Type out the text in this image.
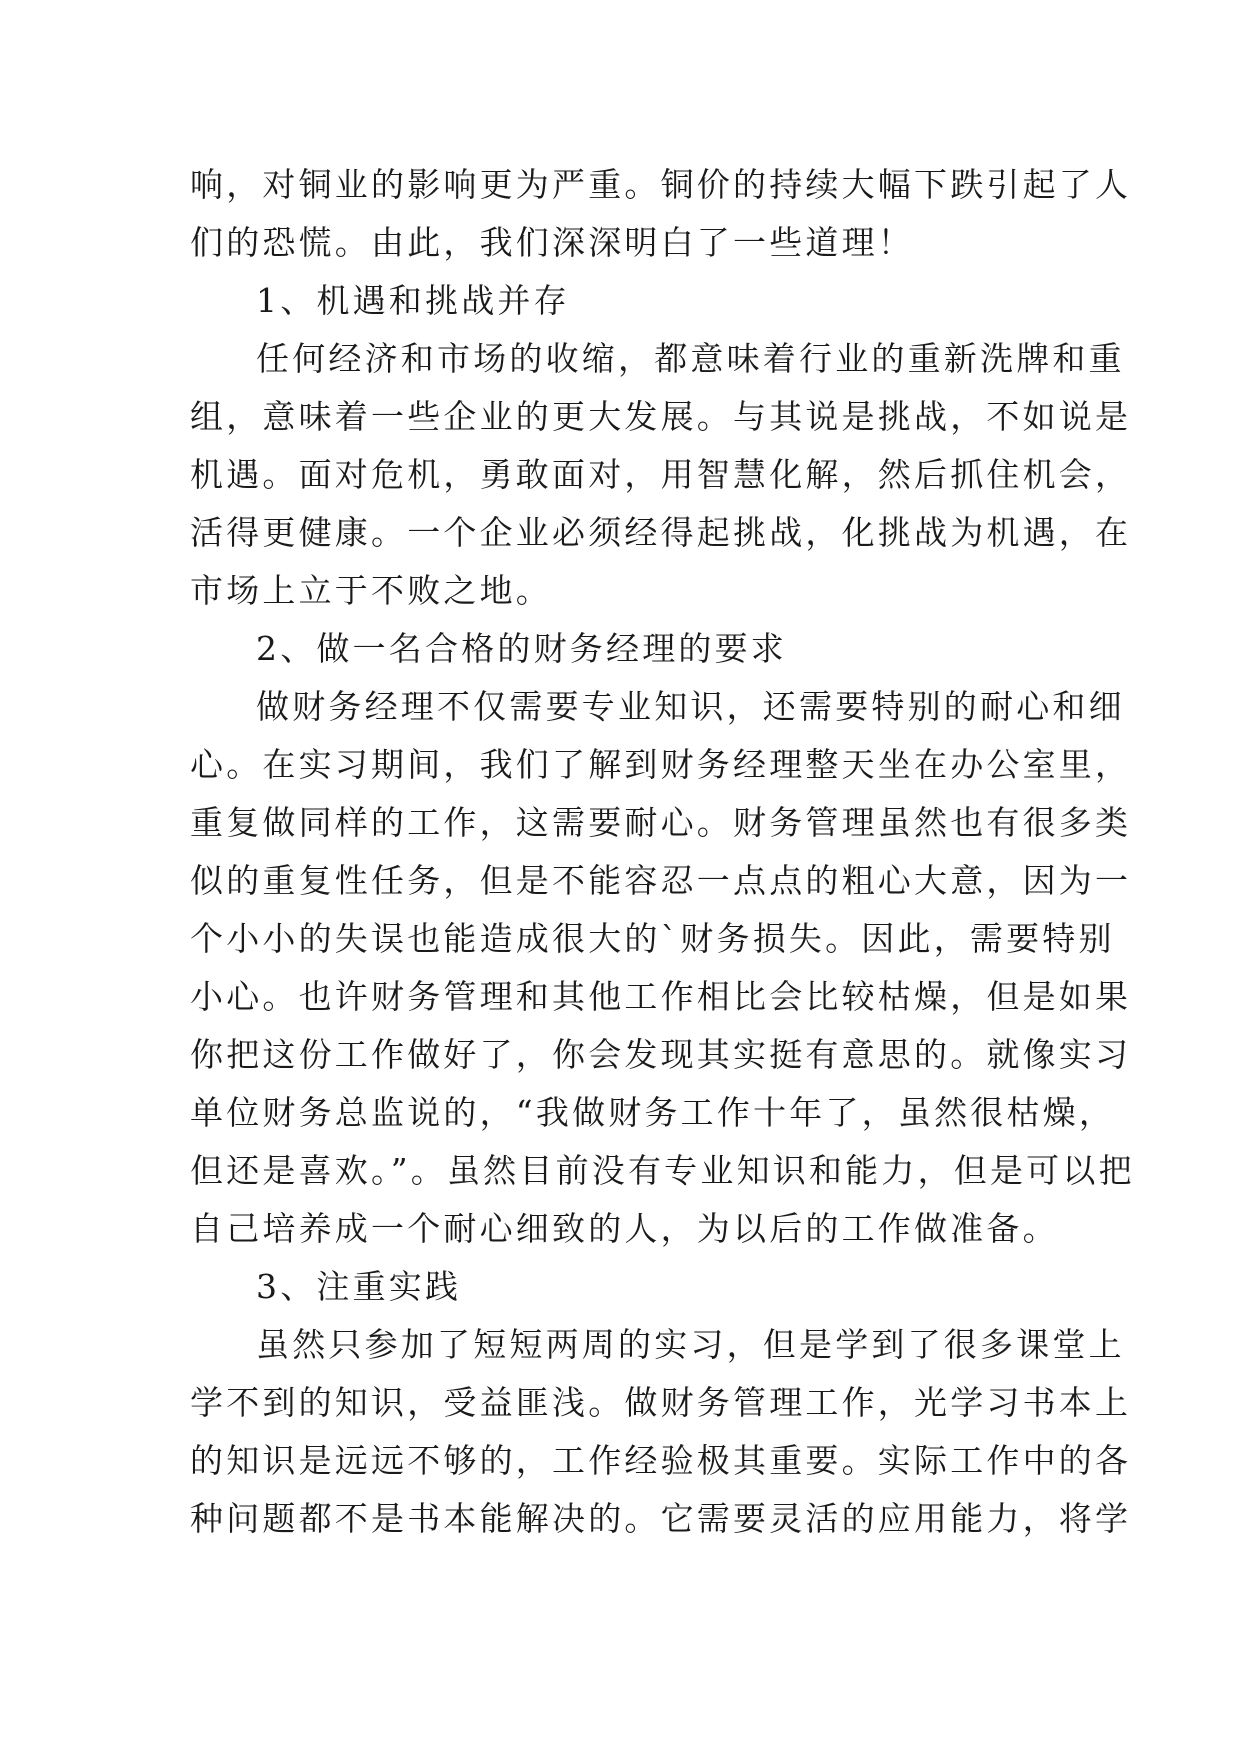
响，对铜业的影响更为严重。铜价的持续大幅下跌引起了人
们的恐慌。由此，我们深深明白了一些道理！
1、机遇和挑战并存
任何经济和市场的收缩，都意味着行业的重新洗牌和重
组，意味着一些企业的更大发展。与其说是挑战，不如说是
机遇。面对危机，勇敢面对，用智慧化解，然后抓住机会，
活得更健康。一个企业必须经得起挑战，化挑战为机遇，在
市场上立于不败之地。
2、做一名合格的财务经理的要求
做财务经理不仅需要专业知识，还需要特别的耐心和细
心。在实习期间，我们了解到财务经理整天坐在办公室里，
重复做同样的工作，这需要耐心。财务管理虽然也有很多类
似的重复性任务，但是不能容忍一点点的粗心大意，因为一
个小小的失误也能造成很大的`财务损失。因此，需要特别
小心。也许财务管理和其他工作相比会比较枯燥，但是如果
你把这份工作做好了，你会发现其实挺有意思的。就像实习
单位财务总监说的，“我做财务工作十年了，虽然很枯燥，
但还是喜欢。”。虽然目前没有专业知识和能力，但是可以把
自己培养成一个耐心细致的人，为以后的工作做准备。
3、注重实践
虽然只参加了短短两周的实习，但是学到了很多课堂上
学不到的知识，受益匪浅。做财务管理工作，光学习书本上
的知识是远远不够的，工作经验极其重要。实际工作中的各
种问题都不是书本能解决的。它需要灵活的应用能力，将学
